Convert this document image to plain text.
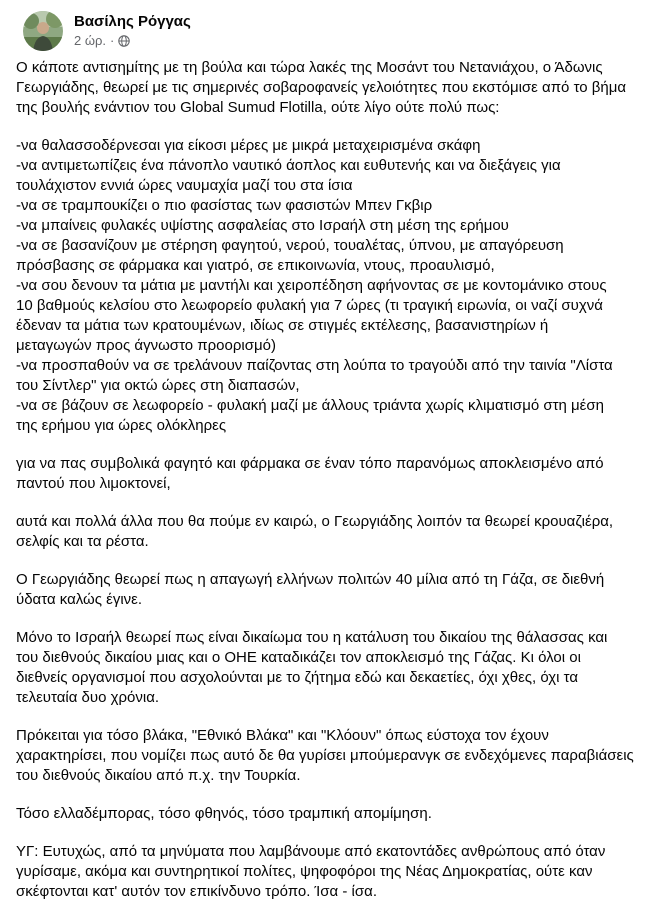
Βασίλης Ρόγγας
2 ώρ. ·
Ο κάποτε αντισημίτης με τη βούλα και τώρα λακές της Μοσάντ του Νετανιάχου, ο Άδωνις
Γεωργιάδης, θεωρεί με τις σημερινές σοβαροφανείς γελοιότητες που εκστόμισε από το βήμα
της βουλής ενάντιον του Global Sumud Flotilla, ούτε λίγο ούτε πολύ πως:
-να θαλασσοδέρνεσαι για είκοσι μέρες με μικρά μεταχειρισμένα σκάφη
-να αντιμετωπίζεις ένα πάνοπλο ναυτικό άοπλος και ευθυτενής και να διεξάγεις για
τουλάχιστον εννιά ώρες ναυμαχία μαζί του στα ίσια
-να σε τραμπουκίζει ο πιο φασίστας των φασιστών Μπεν Γκβιρ
-να μπαίνεις φυλακές υψίστης ασφαλείας στο Ισραήλ στη μέση της ερήμου
-να σε βασανίζουν με στέρηση φαγητού, νερού, τουαλέτας, ύπνου, με απαγόρευση
πρόσβασης σε φάρμακα και γιατρό, σε επικοινωνία, ντους, προαυλισμό,
-να σου δενουν τα μάτια με μαντήλι και χειροπέδηση αφήνοντας σε με κοντομάνικο στους
10 βαθμούς κελσίου στο λεωφορείο φυλακή για 7 ώρες (τι τραγική ειρωνία, οι ναζί συχνά
έδεναν τα μάτια των κρατουμένων, ιδίως σε στιγμές εκτέλεσης, βασανιστηρίων ή
μεταγωγών προς άγνωστο προορισμό)
-να προσπαθούν να σε τρελάνουν παίζοντας στη λούπα το τραγούδι από την ταινία "Λίστα
του Σίντλερ" για οκτώ ώρες στη διαπασών,
-να σε βάζουν σε λεωφορείο - φυλακή μαζί με άλλους τριάντα χωρίς κλιματισμό στη μέση
της ερήμου για ώρες ολόκληρες
για να πας συμβολικά φαγητό και φάρμακα σε έναν τόπο παρανόμως αποκλεισμένο από
παντού που λιμοκτονεί,
αυτά και πολλά άλλα που θα πούμε εν καιρώ, ο Γεωργιάδης λοιπόν τα θεωρεί κρουαζιέρα,
σελφίς και τα ρέστα.
Ο Γεωργιάδης θεωρεί πως η απαγωγή ελλήνων πολιτών 40 μίλια από τη Γάζα, σε διεθνή
ύδατα καλώς έγινε.
Μόνο το Ισραήλ θεωρεί πως είναι δικαίωμα του η κατάλυση του δικαίου της θάλασσας και
του διεθνούς δικαίου μιας και ο ΟΗΕ καταδικάζει τον αποκλεισμό της Γάζας. Κι όλοι οι
διεθνείς οργανισμοί που ασχολούνται με το ζήτημα εδώ και δεκαετίες, όχι χθες, όχι τα
τελευταία δυο χρόνια.
Πρόκειται για τόσο βλάκα, "Εθνικό Βλάκα" και "Κλόουν" όπως εύστοχα τον έχουν
χαρακτηρίσει, που νομίζει πως αυτό δε θα γυρίσει μπούμερανγκ σε ενδεχόμενες παραβιάσεις
του διεθνούς δικαίου από π.χ. την Τουρκία.
Τόσο ελλαδέμπορας, τόσο φθηνός, τόσο τραμπική απομίμηση.
ΥΓ: Ευτυχώς, από τα μηνύματα που λαμβάνουμε από εκατοντάδες ανθρώπους από όταν
γυρίσαμε, ακόμα και συντηρητικοί πολίτες, ψηφοφόροι της Νέας Δημοκρατίας, ούτε καν
σκέφτονται κατ' αυτόν τον επικίνδυνο τρόπο. Ίσα - ίσα.
